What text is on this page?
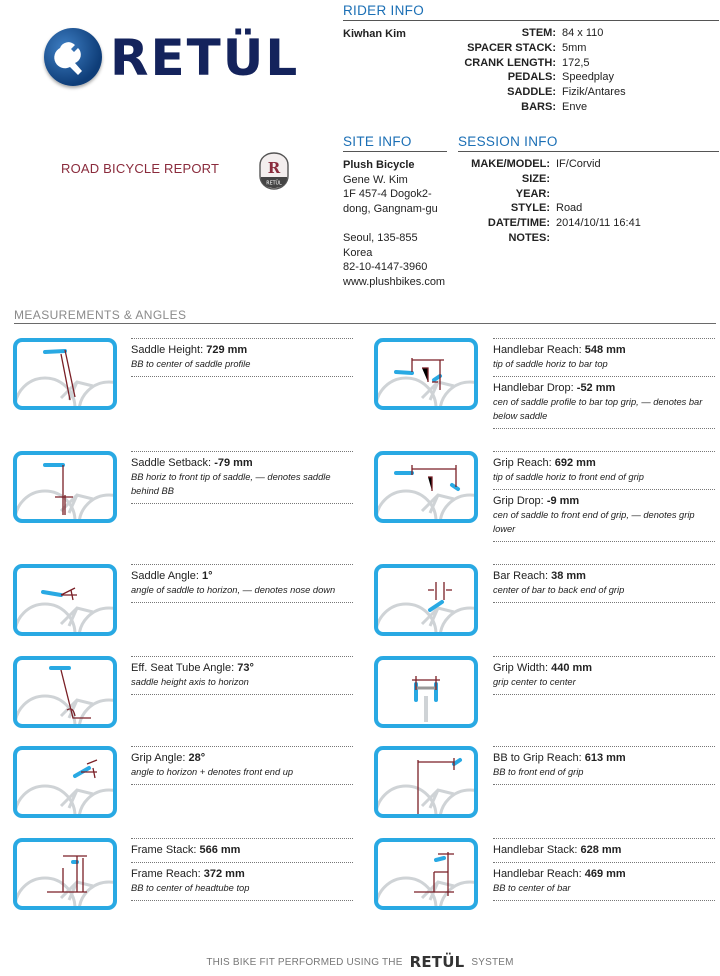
RETÜL
ROAD BICYCLE REPORT	R
RETÜL
RIDER INFO
Kiwhan Kim	STEM: 84 x 110
SPACER STACK: 5mm
CRANK LENGTH: 172,5
PEDALS: Speedplay
SADDLE: Fizik/Antares
BARS: Enve
SITE INFO
Plush Bicycle
Gene W. Kim
1F 457-4 Dogok2-
dong, Gangnam-gu
Seoul, 135-855
Korea
82-10-4147-3960
www.plushbikes.com
SESSION INFO
MAKE/MODEL: IF/Corvid
SIZE:
YEAR:
STYLE: Road
DATE/TIME: 2014/10/11 16:41
NOTES:
MEASUREMENTS & ANGLES
Saddle Height: 729 mm
BB to center of saddle profile
Saddle Setback: -79 mm
BB horiz to front tip of saddle, — denotes saddle behind BB
Saddle Angle: 1°
angle of saddle to horizon, — denotes nose down
Eff. Seat Tube Angle: 73°
saddle height axis to horizon
Grip Angle: 28°
angle to horizon + denotes front end up
Frame Stack: 566 mm
Frame Reach: 372 mm
BB to center of headtube top
Handlebar Reach: 548 mm
tip of saddle horiz to bar top
Handlebar Drop: -52 mm
cen of saddle profile to bar top grip, — denotes bar below saddle
Grip Reach: 692 mm
tip of saddle horiz to front end of grip
Grip Drop: -9 mm
cen of saddle to front end of grip, — denotes grip lower
Bar Reach: 38 mm
center of bar to back end of grip
Grip Width: 440 mm
grip center to center
BB to Grip Reach: 613 mm
BB to front end of grip
Handlebar Stack: 628 mm
Handlebar Reach: 469 mm
BB to center of bar
THIS BIKE FIT PERFORMED USING THE RETÜL SYSTEM
